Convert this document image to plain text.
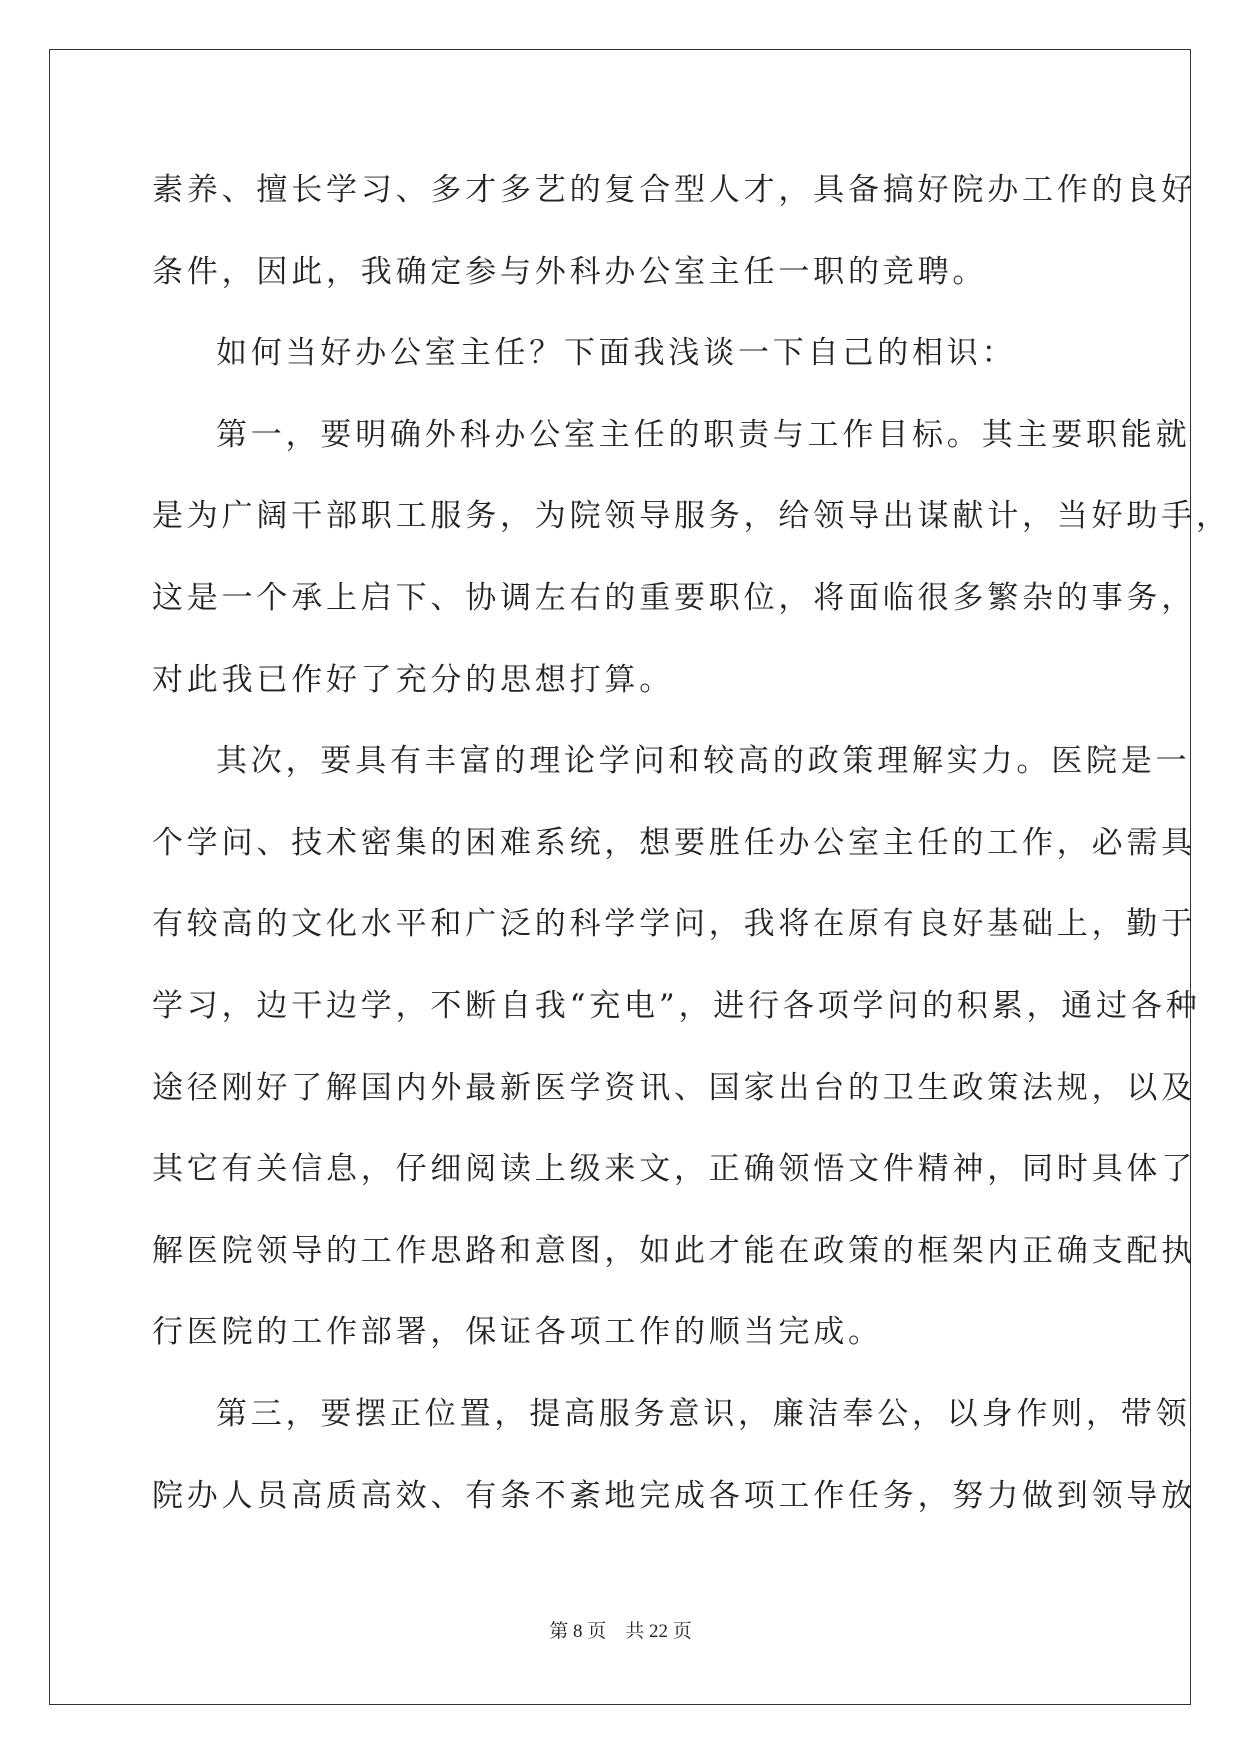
素养、擅长学习、多才多艺的复合型人才，具备搞好院办工作的良好
条件，因此，我确定参与外科办公室主任一职的竞聘。
如何当好办公室主任？下面我浅谈一下自己的相识：
第一，要明确外科办公室主任的职责与工作目标。其主要职能就
是为广阔干部职工服务，为院领导服务，给领导出谋献计，当好助手，
这是一个承上启下、协调左右的重要职位，将面临很多繁杂的事务，
对此我已作好了充分的思想打算。
其次，要具有丰富的理论学问和较高的政策理解实力。医院是一
个学问、技术密集的困难系统，想要胜任办公室主任的工作，必需具
有较高的文化水平和广泛的科学学问，我将在原有良好基础上，勤于
学习，边干边学，不断自我“充电”，进行各项学问的积累，通过各种
途径刚好了解国内外最新医学资讯、国家出台的卫生政策法规，以及
其它有关信息，仔细阅读上级来文，正确领悟文件精神，同时具体了
解医院领导的工作思路和意图，如此才能在政策的框架内正确支配执
行医院的工作部署，保证各项工作的顺当完成。
第三，要摆正位置，提高服务意识，廉洁奉公，以身作则，带领
院办人员高质高效、有条不紊地完成各项工作任务，努力做到领导放
第 8 页　共 22 页
